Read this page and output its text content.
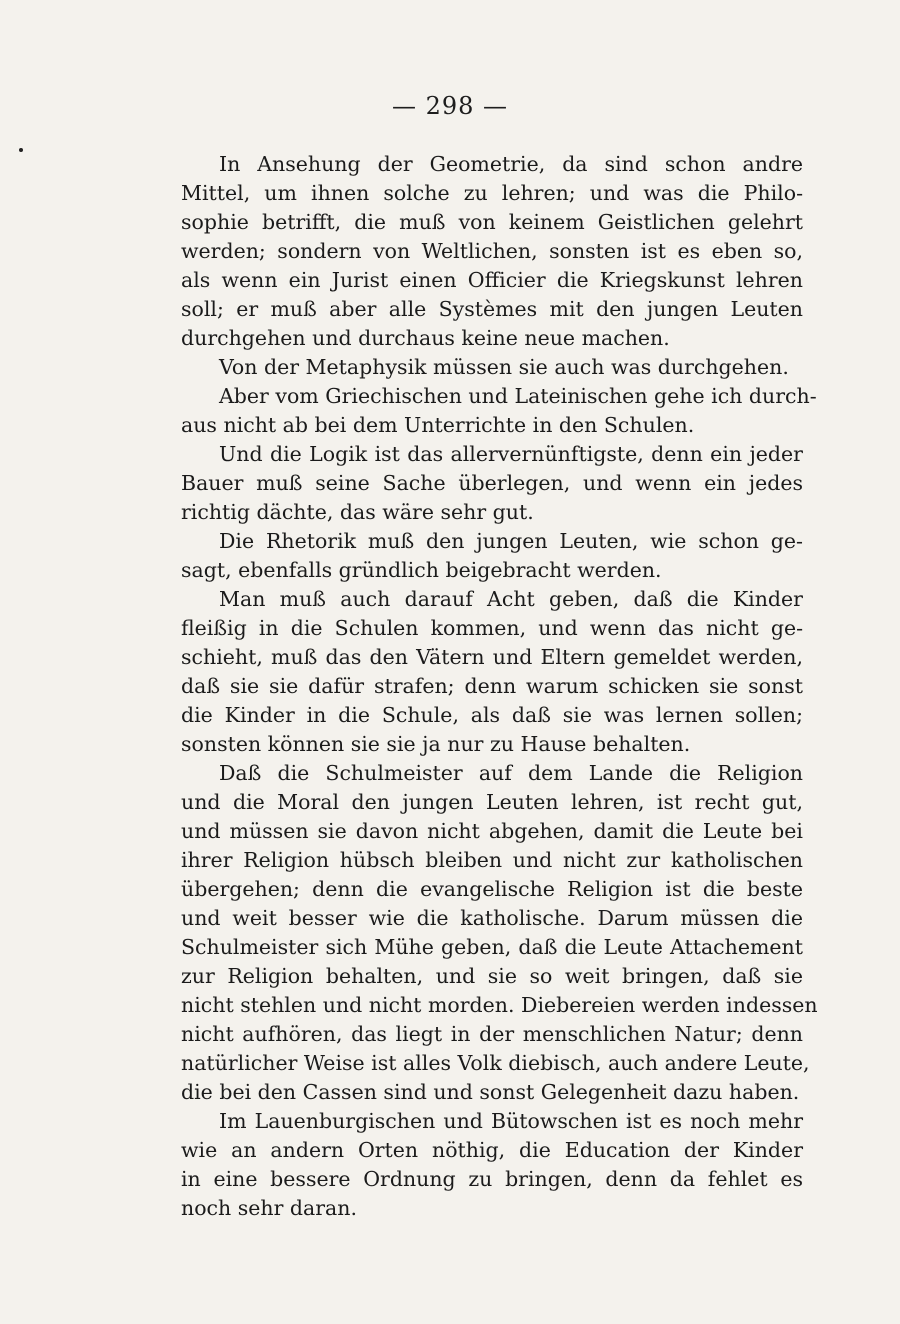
— 298 —
In Ansehung der Geometrie, da sind schon andre
Mittel, um ihnen solche zu lehren; und was die Philo-
sophie betrifft, die muß von keinem Geistlichen gelehrt
werden; sondern von Weltlichen, sonsten ist es eben so,
als wenn ein Jurist einen Officier die Kriegskunst lehren
soll; er muß aber alle Systèmes mit den jungen Leuten
durchgehen und durchaus keine neue machen.
Von der Metaphysik müssen sie auch was durchgehen.
Aber vom Griechischen und Lateinischen gehe ich durch-
aus nicht ab bei dem Unterrichte in den Schulen.
Und die Logik ist das allervernünftigste, denn ein jeder
Bauer muß seine Sache überlegen, und wenn ein jedes
richtig dächte, das wäre sehr gut.
Die Rhetorik muß den jungen Leuten, wie schon ge-
sagt, ebenfalls gründlich beigebracht werden.
Man muß auch darauf Acht geben, daß die Kinder
fleißig in die Schulen kommen, und wenn das nicht ge-
schieht, muß das den Vätern und Eltern gemeldet werden,
daß sie sie dafür strafen; denn warum schicken sie sonst
die Kinder in die Schule, als daß sie was lernen sollen;
sonsten können sie sie ja nur zu Hause behalten.
Daß die Schulmeister auf dem Lande die Religion
und die Moral den jungen Leuten lehren, ist recht gut,
und müssen sie davon nicht abgehen, damit die Leute bei
ihrer Religion hübsch bleiben und nicht zur katholischen
übergehen; denn die evangelische Religion ist die beste
und weit besser wie die katholische. Darum müssen die
Schulmeister sich Mühe geben, daß die Leute Attachement
zur Religion behalten, und sie so weit bringen, daß sie
nicht stehlen und nicht morden. Diebereien werden indessen
nicht aufhören, das liegt in der menschlichen Natur; denn
natürlicher Weise ist alles Volk diebisch, auch andere Leute,
die bei den Cassen sind und sonst Gelegenheit dazu haben.
Im Lauenburgischen und Bütowschen ist es noch mehr
wie an andern Orten nöthig, die Education der Kinder
in eine bessere Ordnung zu bringen, denn da fehlet es
noch sehr daran.
